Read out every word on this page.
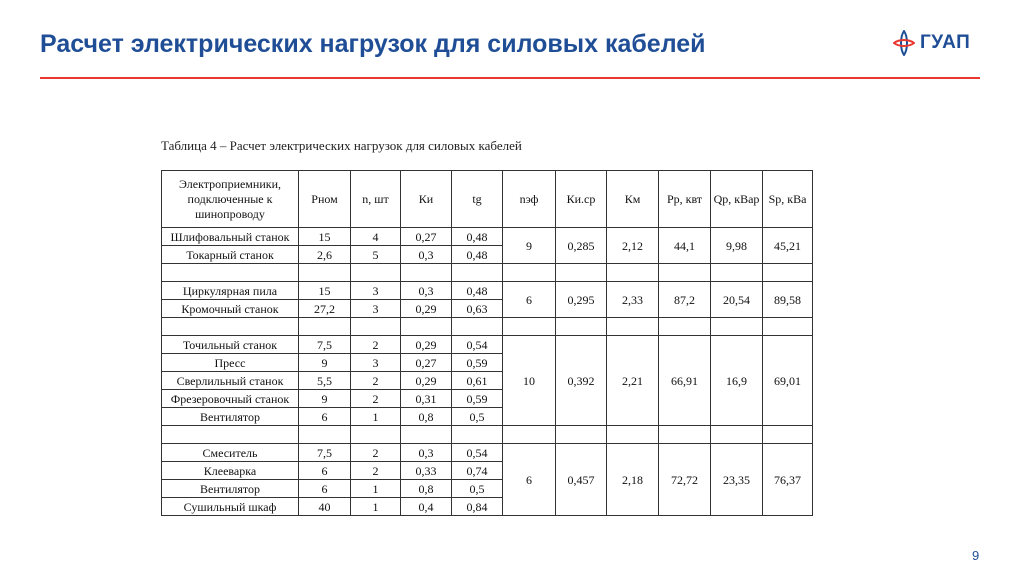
Расчет электрических нагрузок для силовых кабелей	ГУАП
Таблица 4 – Расчет электрических нагрузок для силовых кабелей
Электроприемники, подключенные к шинопроводу	Рном	n, шт	Ки	tg	nэф	Ки.ср	Км	Рр, квт	Qр, кВар	Sр, кВа
Шлифовальный станок	15	4	0,27	0,48	9	0,285	2,12	44,1	9,98	45,21
Токарный станок	2,6	5	0,3	0,48						

Циркулярная пила	15	3	0,3	0,48	6	0,295	2,33	87,2	20,54	89,58
Кромочный станок	27,2	3	0,29	0,63						

Точильный станок	7,5	2	0,29	0,54	10	0,392	2,21	66,91	16,9	69,01
Пресс	9	3	0,27	0,59						
Сверлильный станок	5,5	2	0,29	0,61						
Фрезеровочный станок	9	2	0,31	0,59						
Вентилятор	6	1	0,8	0,5						

Смеситель	7,5	2	0,3	0,54	6	0,457	2,18	72,72	23,35	76,37
Клееварка	6	2	0,33	0,74						
Вентилятор	6	1	0,8	0,5						
Сушильный шкаф	40	1	0,4	0,84						
9
